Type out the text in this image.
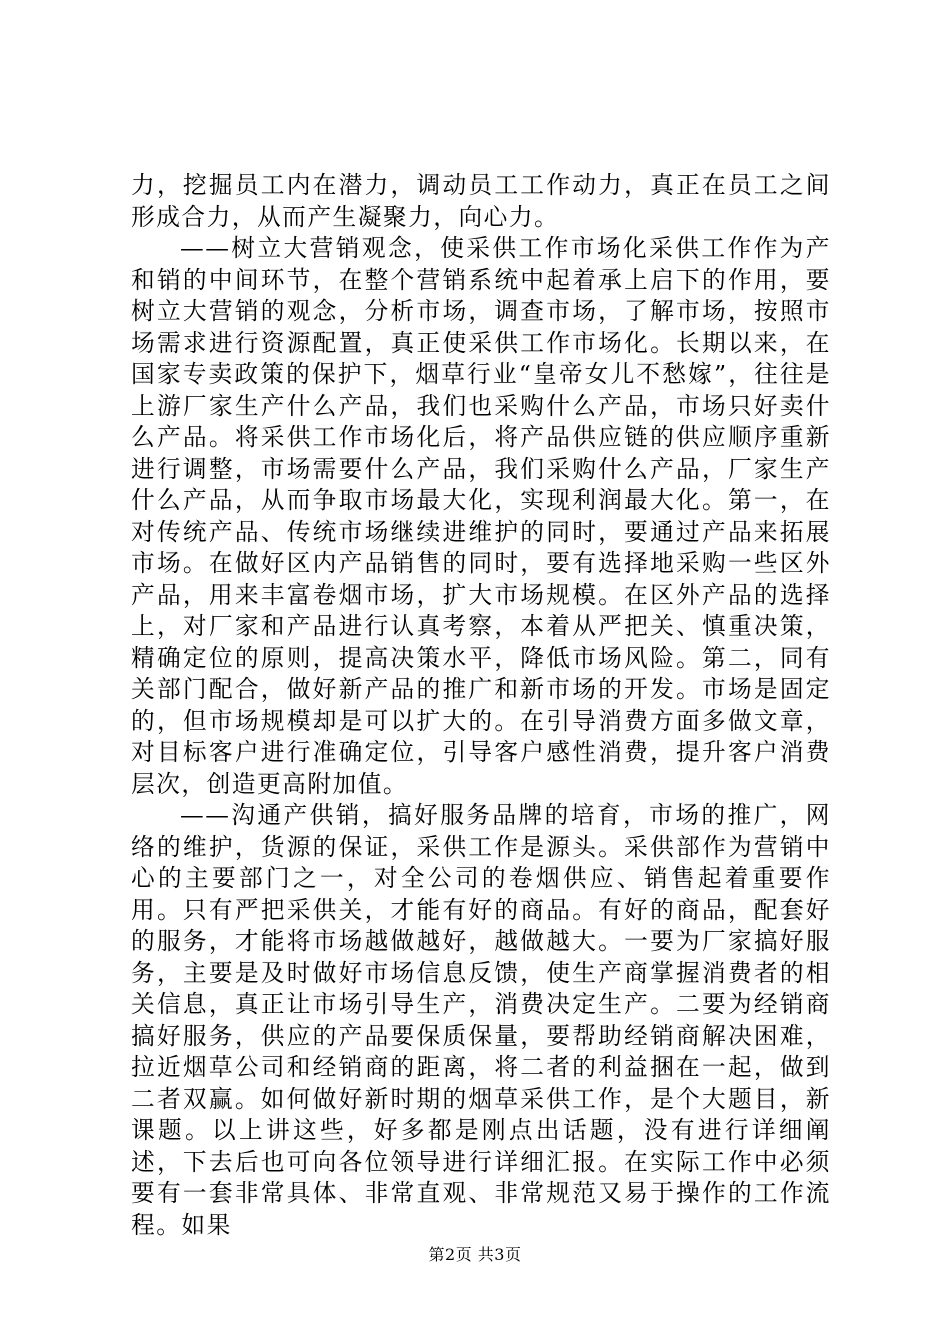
力，挖掘员工内在潜力，调动员工工作动力，真正在员工之间形成合力，从而产生凝聚力，向心力。

——树立大营销观念，使采供工作市场化采供工作作为产和销的中间环节，在整个营销系统中起着承上启下的作用，要树立大营销的观念，分析市场，调查市场，了解市场，按照市场需求进行资源配置，真正使采供工作市场化。长期以来，在国家专卖政策的保护下，烟草行业“皇帝女儿不愁嫁”，往往是上游厂家生产什么产品，我们也采购什么产品，市场只好卖什么产品。将采供工作市场化后，将产品供应链的供应顺序重新进行调整，市场需要什么产品，我们采购什么产品，厂家生产什么产品，从而争取市场最大化，实现利润最大化。第一，在对传统产品、传统市场继续进维护的同时，要通过产品来拓展市场。在做好区内产品销售的同时，要有选择地采购一些区外产品，用来丰富卷烟市场，扩大市场规模。在区外产品的选择上，对厂家和产品进行认真考察，本着从严把关、慎重决策，精确定位的原则，提高决策水平，降低市场风险。第二，同有关部门配合，做好新产品的推广和新市场的开发。市场是固定的，但市场规模却是可以扩大的。在引导消费方面多做文章，对目标客户进行准确定位，引导客户感性消费，提升客户消费层次，创造更高附加值。

——沟通产供销，搞好服务品牌的培育，市场的推广，网络的维护，货源的保证，采供工作是源头。采供部作为营销中心的主要部门之一，对全公司的卷烟供应、销售起着重要作用。只有严把采供关，才能有好的商品。有好的商品，配套好的服务，才能将市场越做越好，越做越大。一要为厂家搞好服务，主要是及时做好市场信息反馈，使生产商掌握消费者的相关信息，真正让市场引导生产，消费决定生产。二要为经销商搞好服务，供应的产品要保质保量，要帮助经销商解决困难，拉近烟草公司和经销商的距离，将二者的利益捆在一起，做到二者双赢。如何做好新时期的烟草采供工作，是个大题目，新课题。以上讲这些，好多都是刚点出话题，没有进行详细阐述，下去后也可向各位领导进行详细汇报。在实际工作中必须要有一套非常具体、非常直观、非常规范又易于操作的工作流程。如果

第2页 共3页
